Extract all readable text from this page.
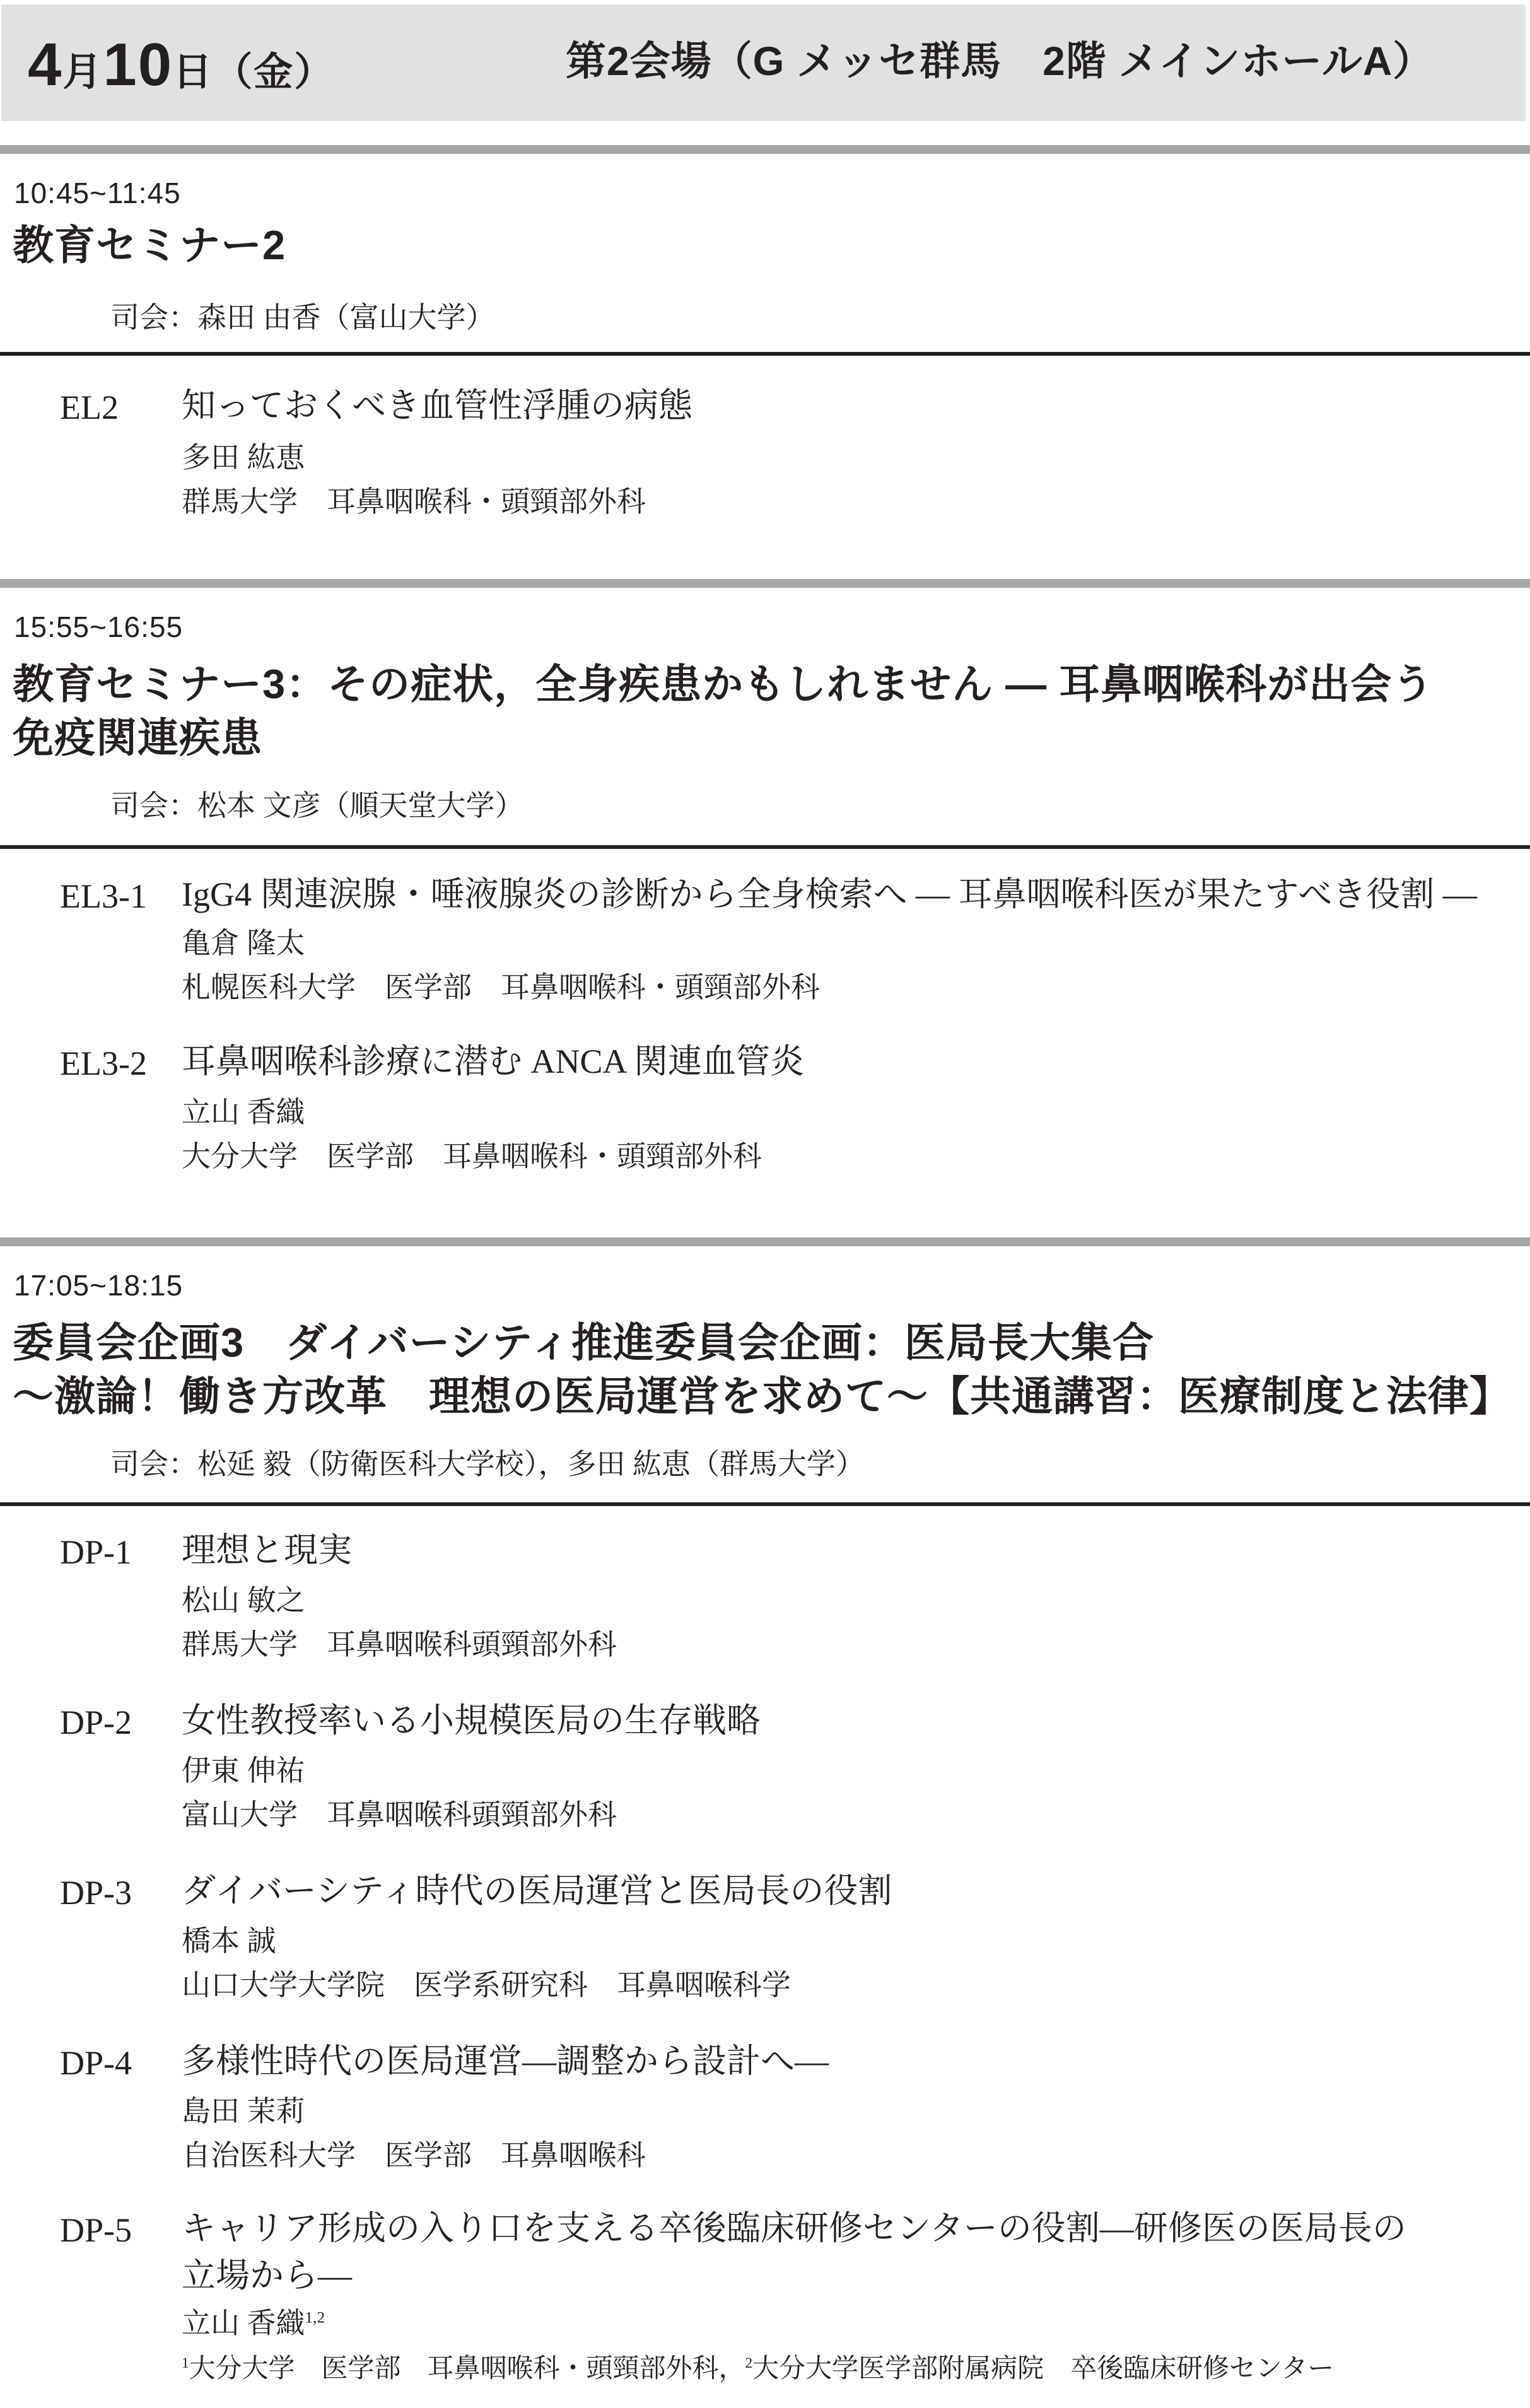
4 月 10 日 （金）	第2会場（G メッセ群馬　2階 メインホールA）
10:45~11:45
教育セミナー2
司会：森田 由香（富山大学）
EL2 知っておくべき血管性浮腫の病態
多田 紘恵
群馬大学　耳鼻咽喉科・頭頸部外科
15:55~16:55
教育セミナー3：その症状，全身疾患かもしれません ― 耳鼻咽喉科が出会う
免疫関連疾患
司会：松本 文彦（順天堂大学）
EL3-1 IgG4 関連涙腺・唾液腺炎の診断から全身検索へ ― 耳鼻咽喉科医が果たすべき役割 ―
亀倉 隆太
札幌医科大学　医学部　耳鼻咽喉科・頭頸部外科
EL3-2 耳鼻咽喉科診療に潜む ANCA 関連血管炎
立山 香織
大分大学　医学部　耳鼻咽喉科・頭頸部外科
17:05~18:15
委員会企画3　ダイバーシティ推進委員会企画：医局長大集合
～激論！働き方改革　理想の医局運営を求めて～【共通講習：医療制度と法律】
司会：松延 毅（防衛医科大学校），多田 紘恵（群馬大学）
DP-1 理想と現実
松山 敏之
群馬大学　耳鼻咽喉科頭頸部外科
DP-2 女性教授率いる小規模医局の生存戦略
伊東 伸祐
富山大学　耳鼻咽喉科頭頸部外科
DP-3 ダイバーシティ時代の医局運営と医局長の役割
橋本 誠
山口大学大学院　医学系研究科　耳鼻咽喉科学
DP-4 多様性時代の医局運営―調整から設計へ―
島田 茉莉
自治医科大学　医学部　耳鼻咽喉科
DP-5 キャリア形成の入り口を支える卒後臨床研修センターの役割―研修医の医局長の
立場から―
立山 香織$^{1,2}$
$^1$大分大学　医学部　耳鼻咽喉科・頭頸部外科，$^2$大分大学医学部附属病院　卒後臨床研修センター
